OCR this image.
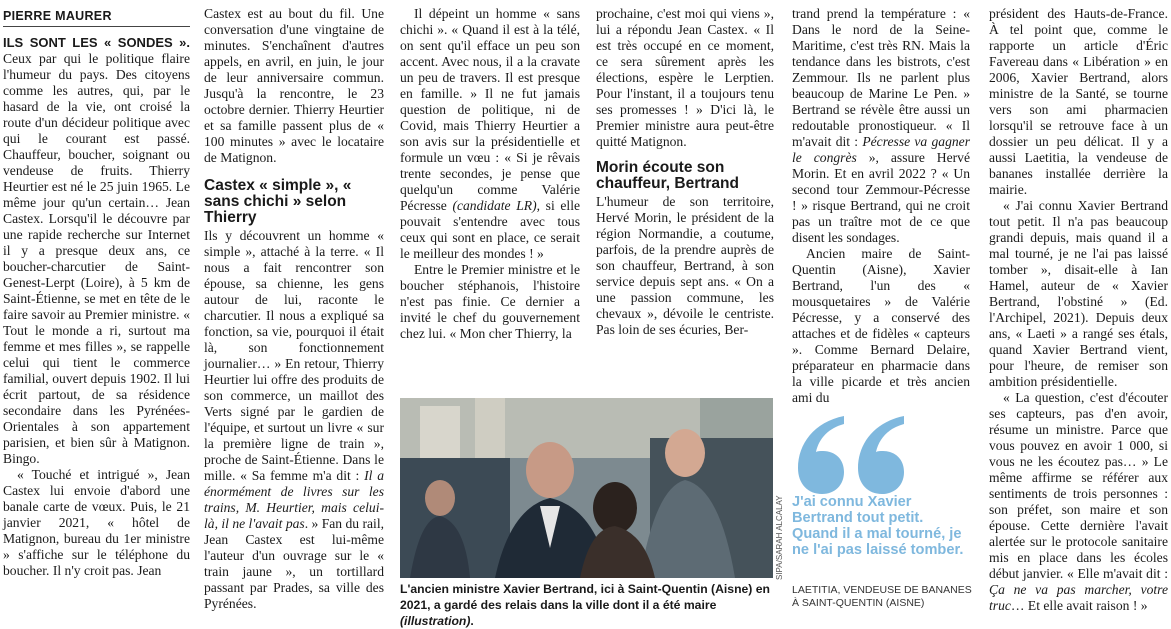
PIERRE MAURER

ILS SONT LES « SONDES ». Ceux par qui le politique flaire l'humeur du pays. Des citoyens comme les autres, qui, par le hasard de la vie, ont croisé la route d'un décideur politique avec qui le courant est passé. Chauffeur, boucher, soignant ou vendeuse de fruits. Thierry Heurtier est né le 25 juin 1965. Le même jour qu'un certain… Jean Castex. Lorsqu'il le découvre par une rapide recherche sur Internet il y a presque deux ans, ce boucher-charcutier de Saint-Genest-Lerpt (Loire), à 5 km de Saint-Étienne, se met en tête de le faire savoir au Premier ministre. « Tout le monde a ri, surtout ma femme et mes filles », se rappelle celui qui tient le commerce familial, ouvert depuis 1902. Il lui écrit partout, de sa résidence secondaire dans les Pyrénées-Orientales à son appartement parisien, et bien sûr à Matignon. Bingo.

« Touché et intrigué », Jean Castex lui envoie d'abord une banale carte de vœux. Puis, le 21 janvier 2021, « hôtel de Matignon, bureau du 1er ministre » s'affiche sur le téléphone du boucher. Il n'y croit pas. Jean

Castex est au bout du fil. Une conversation d'une vingtaine de minutes. S'enchaînent d'autres appels, en avril, en juin, le jour de leur anniversaire commun. Jusqu'à la rencontre, le 23 octobre dernier. Thierry Heurtier et sa famille passent plus de « 100 minutes » avec le locataire de Matignon.

Castex « simple », « sans chichi » selon Thierry

Ils y découvrent un homme « simple », attaché à la terre. « Il nous a fait rencontrer son épouse, sa chienne, les gens autour de lui, raconte le charcutier. Il nous a expliqué sa fonction, sa vie, pourquoi il était là, son fonctionnement journalier… » En retour, Thierry Heurtier lui offre des produits de son commerce, un maillot des Verts signé par le gardien de l'équipe, et surtout un livre « sur la première ligne de train », proche de Saint-Étienne. Dans le mille. « Sa femme m'a dit : Il a énormément de livres sur les trains, M. Heurtier, mais celui-là, il ne l'avait pas. » Fan du rail, Jean Castex est lui-même l'auteur d'un ouvrage sur le « train jaune », un tortillard passant par Prades, sa ville des Pyrénées.

Il dépeint un homme « sans chichi ». « Quand il est à la télé, on sent qu'il efface un peu son accent. Avec nous, il a la cravate un peu de travers. Il est presque en famille. » Il ne fut jamais question de politique, ni de Covid, mais Thierry Heurtier a son avis sur la présidentielle et formule un vœu : « Si je rêvais trente secondes, je pense que quelqu'un comme Valérie Pécresse (candidate LR), si elle pouvait s'entendre avec tous ceux qui sont en place, ce serait le meilleur des mondes ! »

Entre le Premier ministre et le boucher stéphanois, l'histoire n'est pas finie. Ce dernier a invité le chef du gouvernement chez lui. « Mon cher Thierry, la

prochaine, c'est moi qui viens », lui a répondu Jean Castex. « Il est très occupé en ce moment, ce sera sûrement après les élections, espère le Lerptien. Pour l'instant, il a toujours tenu ses promesses ! » D'ici là, le Premier ministre aura peut-être quitté Matignon.

Morin écoute son chauffeur, Bertrand

L'humeur de son territoire, Hervé Morin, le président de la région Normandie, a coutume, parfois, de la prendre auprès de son chauffeur, Bertrand, à son service depuis sept ans. « On a une passion commune, les chevaux », dévoile le centriste. Pas loin de ses écuries, Ber-

trand prend la température : « Dans le nord de la Seine-Maritime, c'est très RN. Mais la tendance dans les bistrots, c'est Zemmour. Ils ne parlent plus beaucoup de Marine Le Pen. » Bertrand se révèle être aussi un redoutable pronostiqueur. « Il m'avait dit : Pécresse va gagner le congrès », assure Hervé Morin. Et en avril 2022 ? « Un second tour Zemmour-Pécresse ! » risque Bertrand, qui ne croit pas un traître mot de ce que disent les sondages.

Ancien maire de Saint-Quentin (Aisne), Xavier Bertrand, l'un des « mousquetaires » de Valérie Pécresse, y a conservé des attaches et de fidèles « capteurs ». Comme Bernard Delaire, préparateur en pharmacie dans la ville picarde et très ancien ami du

président des Hauts-de-France. À tel point que, comme le rapporte un article d'Éric Favereau dans « Libération » en 2006, Xavier Bertrand, alors ministre de la Santé, se tourne vers son ami pharmacien lorsqu'il se retrouve face à un dossier un peu délicat. Il y a aussi Laetitia, la vendeuse de bananes installée derrière la mairie.

« J'ai connu Xavier Bertrand tout petit. Il n'a pas beaucoup grandi depuis, mais quand il a mal tourné, je ne l'ai pas laissé tomber », disait-elle à Ian Hamel, auteur de « Xavier Bertrand, l'obstiné » (Ed. l'Archipel, 2021). Depuis deux ans, « Laeti » a rangé ses étals, quand Xavier Bertrand vient, pour l'heure, de remiser son ambition présidentielle.

« La question, c'est d'écouter ses capteurs, pas d'en avoir, résume un ministre. Parce que vous pouvez en avoir 1 000, si vous ne les écoutez pas… » Le même affirme se référer aux sentiments de trois personnes : son préfet, son maire et son épouse. Cette dernière l'avait alertée sur le protocole sanitaire mis en place dans les écoles début janvier. « Elle m'avait dit : Ça ne va pas marcher, votre truc… Et elle avait raison ! »

SIPA/SARAH ALCALAY
L'ancien ministre Xavier Bertrand, ici à Saint-Quentin (Aisne) en 2021, a gardé des relais dans la ville dont il a été maire (illustration).
J'ai connu Xavier Bertrand tout petit. Quand il a mal tourné, je ne l'ai pas laissé tomber.
LAETITIA, VENDEUSE DE BANANES
À SAINT-QUENTIN (AISNE)
